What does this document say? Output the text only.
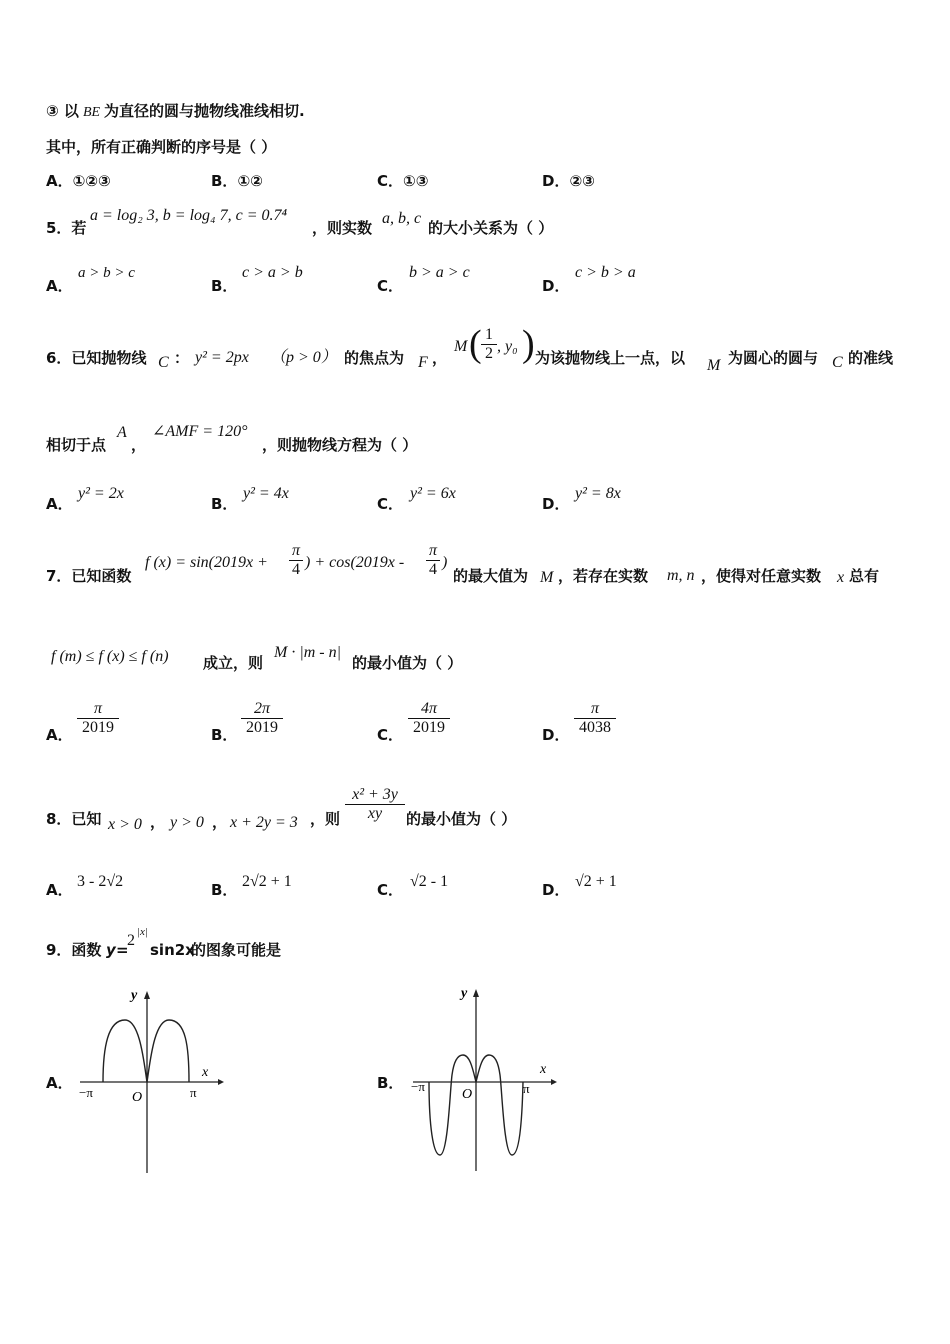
③ 以 BE 为直径的圆与抛物线准线相切.
其中，所有正确判断的序号是（ ）
A．①②③	B．①②	C．①③	D．②③
5．若
a = log₂ 3, b = log₄ 7, c = 0.7⁴
，则实数
a, b, c
的大小关系为（ ）
A．
a > b > c
B．
c > a > b
C．
b > a > c
D．
c > b > a
6．已知抛物线 C ： y² = 2px （p > 0） 的焦点为 F ，
M ( 1
2 , y₀ ) 为该抛物线上一点，以 M 为圆心的圆与 C 的准线
相切于点
A
，
∠AMF = 120°
，则抛物线方程为（ ）
A．
y² = 2x
B．
y² = 4x
C．
y² = 6x
D．
y² = 8x
7．已知函数
f (x) = sin(2019x +
π
4 ) + cos(2019x -
π
4 )
的最大值为 M ，若存在实数 m, n ，使得对任意实数 x 总有
f (m) ≤ f (x) ≤ f (n) 成立，则
M · |m - n|
的最小值为（ ）
A．
π
2019	B．
2π
2019	C．
4π
2019	D．
π
4038
8．已知 x > 0 ， y > 0 ， x + 2y = 3 ，则
x² + 3y
xy	的最小值为（ ）
A． 3 - 2√2	B． 2√2 + 1	C． √2 - 1	D． √2 + 1
9．函数 y =
2 |x|
sin2x
的图象可能是
A．
y
x
O
−π	π
B．
y
x
O
−π	π
